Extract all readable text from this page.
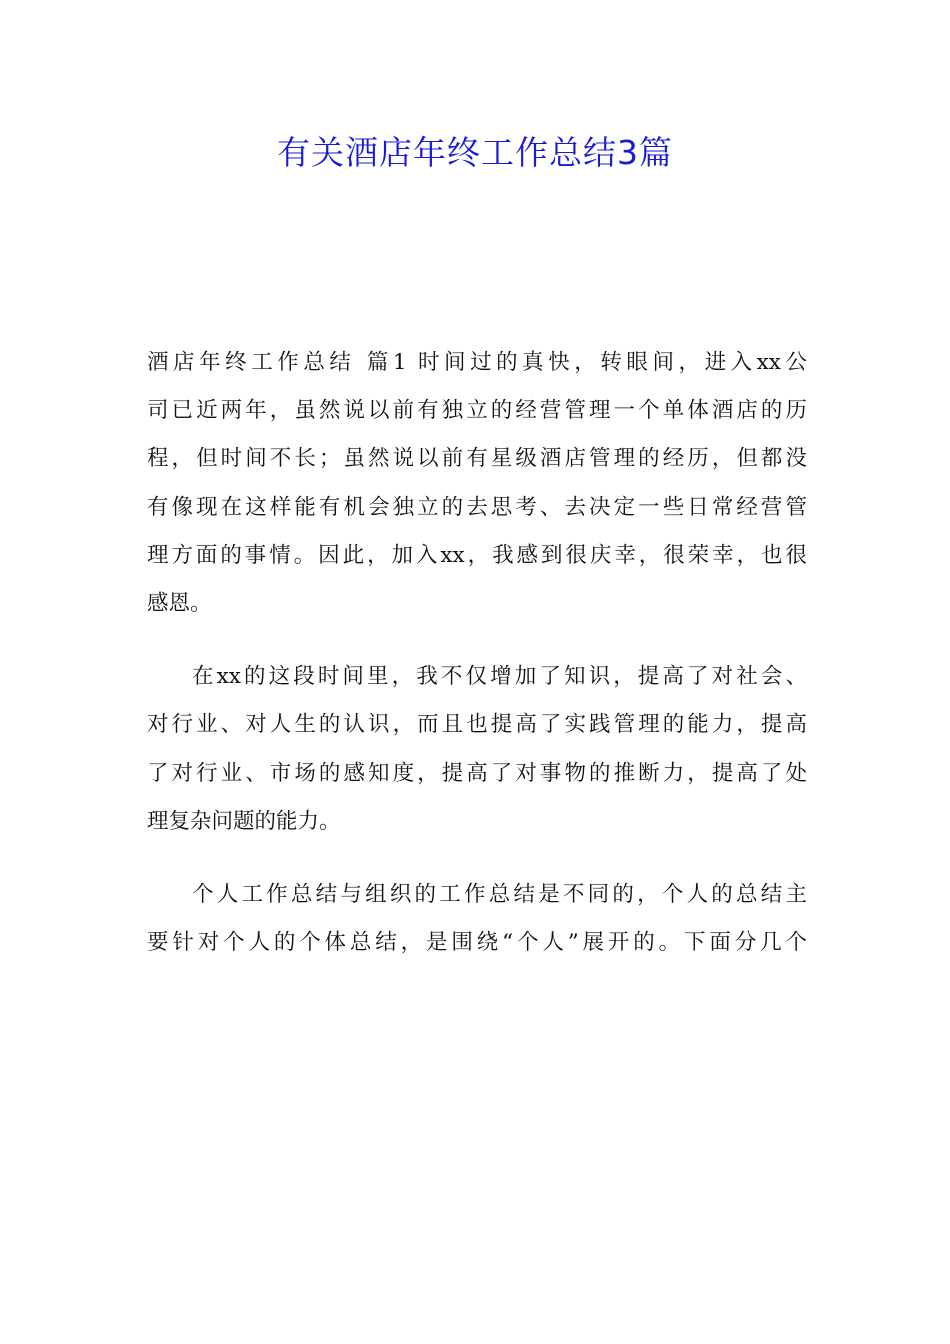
有关酒店年终工作总结3篇
酒店年终工作总结 篇1 时间过的真快，转眼间，进入xx公
司已近两年，虽然说以前有独立的经营管理一个单体酒店的历
程，但时间不长；虽然说以前有星级酒店管理的经历，但都没
有像现在这样能有机会独立的去思考、去决定一些日常经营管
理方面的事情。因此，加入xx，我感到很庆幸，很荣幸，也很
感恩。
在xx的这段时间里，我不仅增加了知识，提高了对社会、
对行业、对人生的认识，而且也提高了实践管理的能力，提高
了对行业、市场的感知度，提高了对事物的推断力，提高了处
理复杂问题的能力。
个人工作总结与组织的工作总结是不同的，个人的总结主
要针对个人的个体总结，是围绕“个人”展开的。下面分几个
